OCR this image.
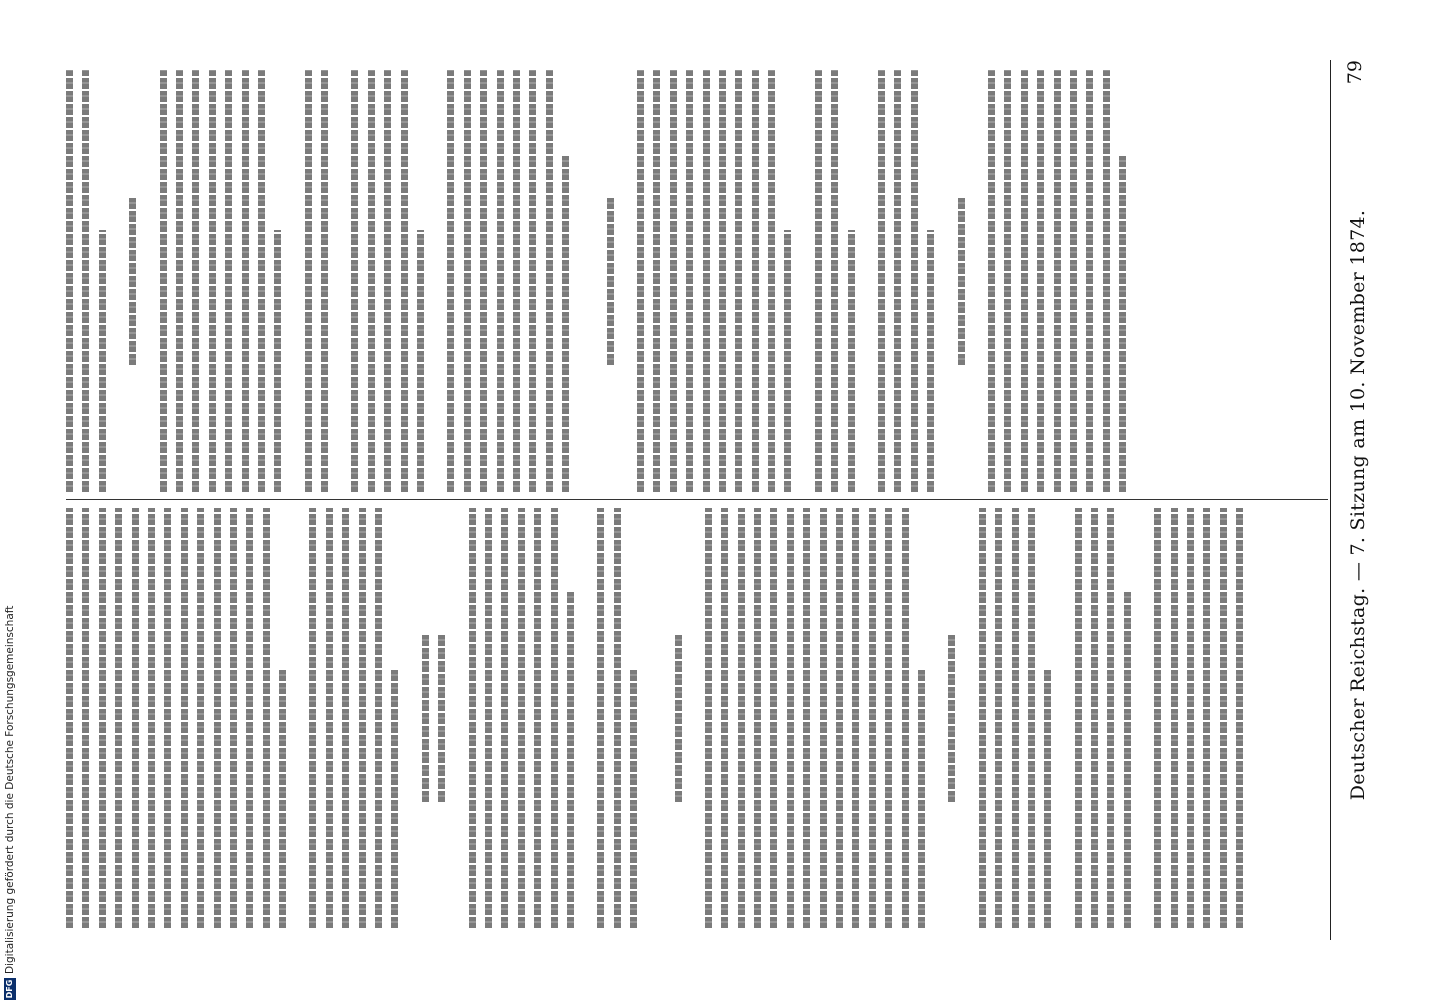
Deutscher Reichstag. — 7. Sitzung am 10. November 1874.
79
DFG
Digitalisierung gefördert durch die Deutsche Forschungsgemeinschaft
